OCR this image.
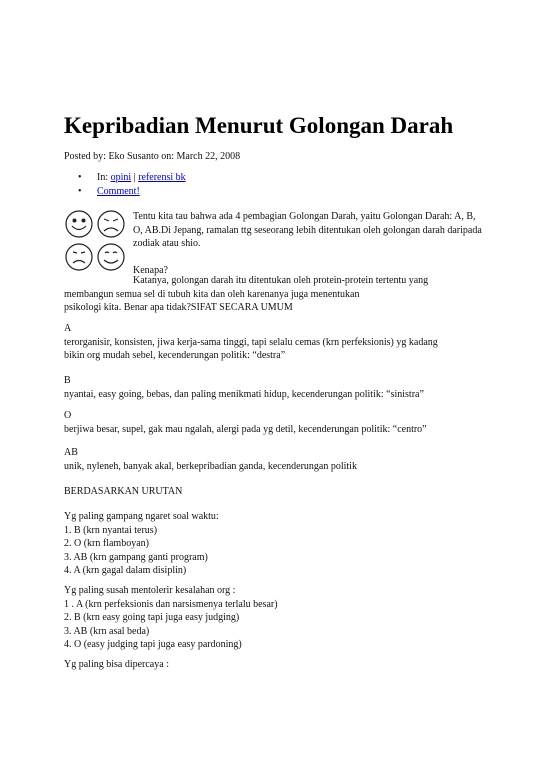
Kepribadian Menurut Golongan Darah
Posted by: Eko Susanto on: March 22, 2008
• In: opini | referensi bk
• Comment!

Tentu kita tau bahwa ada 4 pembagian Golongan Darah, yaitu Golongan Darah: A, B, O, AB.Di Jepang, ramalan ttg seseorang lebih ditentukan oleh golongan darah daripada zodiak atau shio.

Kenapa?

Katanya, golongan darah itu ditentukan oleh protein-protein tertentu yang

membangun semua sel di tubuh kita dan oleh karenanya juga menentukan

psikologi kita. Benar apa tidak?SIFAT SECARA UMUM

A

terorganisir, konsisten, jiwa kerja-sama tinggi, tapi selalu cemas (krn perfeksionis) yg kadang

bikin org mudah sebel, kecenderungan politik: “destra”

B

nyantai, easy going, bebas, dan paling menikmati hidup, kecenderungan politik: “sinistra”

O

berjiwa besar, supel, gak mau ngalah, alergi pada yg detil, kecenderungan politik: “centro”

AB

unik, nyleneh, banyak akal, berkepribadian ganda, kecenderungan politik

BERDASARKAN URUTAN

Yg paling gampang ngaret soal waktu:

1. B (krn nyantai terus)

2. O (krn flamboyan)

3. AB (krn gampang ganti program)

4. A (krn gagal dalam disiplin)

Yg paling susah mentolerir kesalahan org :

1 . A (krn perfeksionis dan narsismenya terlalu besar)

2. B (krn easy going tapi juga easy judging)

3. AB (krn asal beda)

4. O (easy judging tapi juga easy pardoning)

Yg paling bisa dipercaya :
